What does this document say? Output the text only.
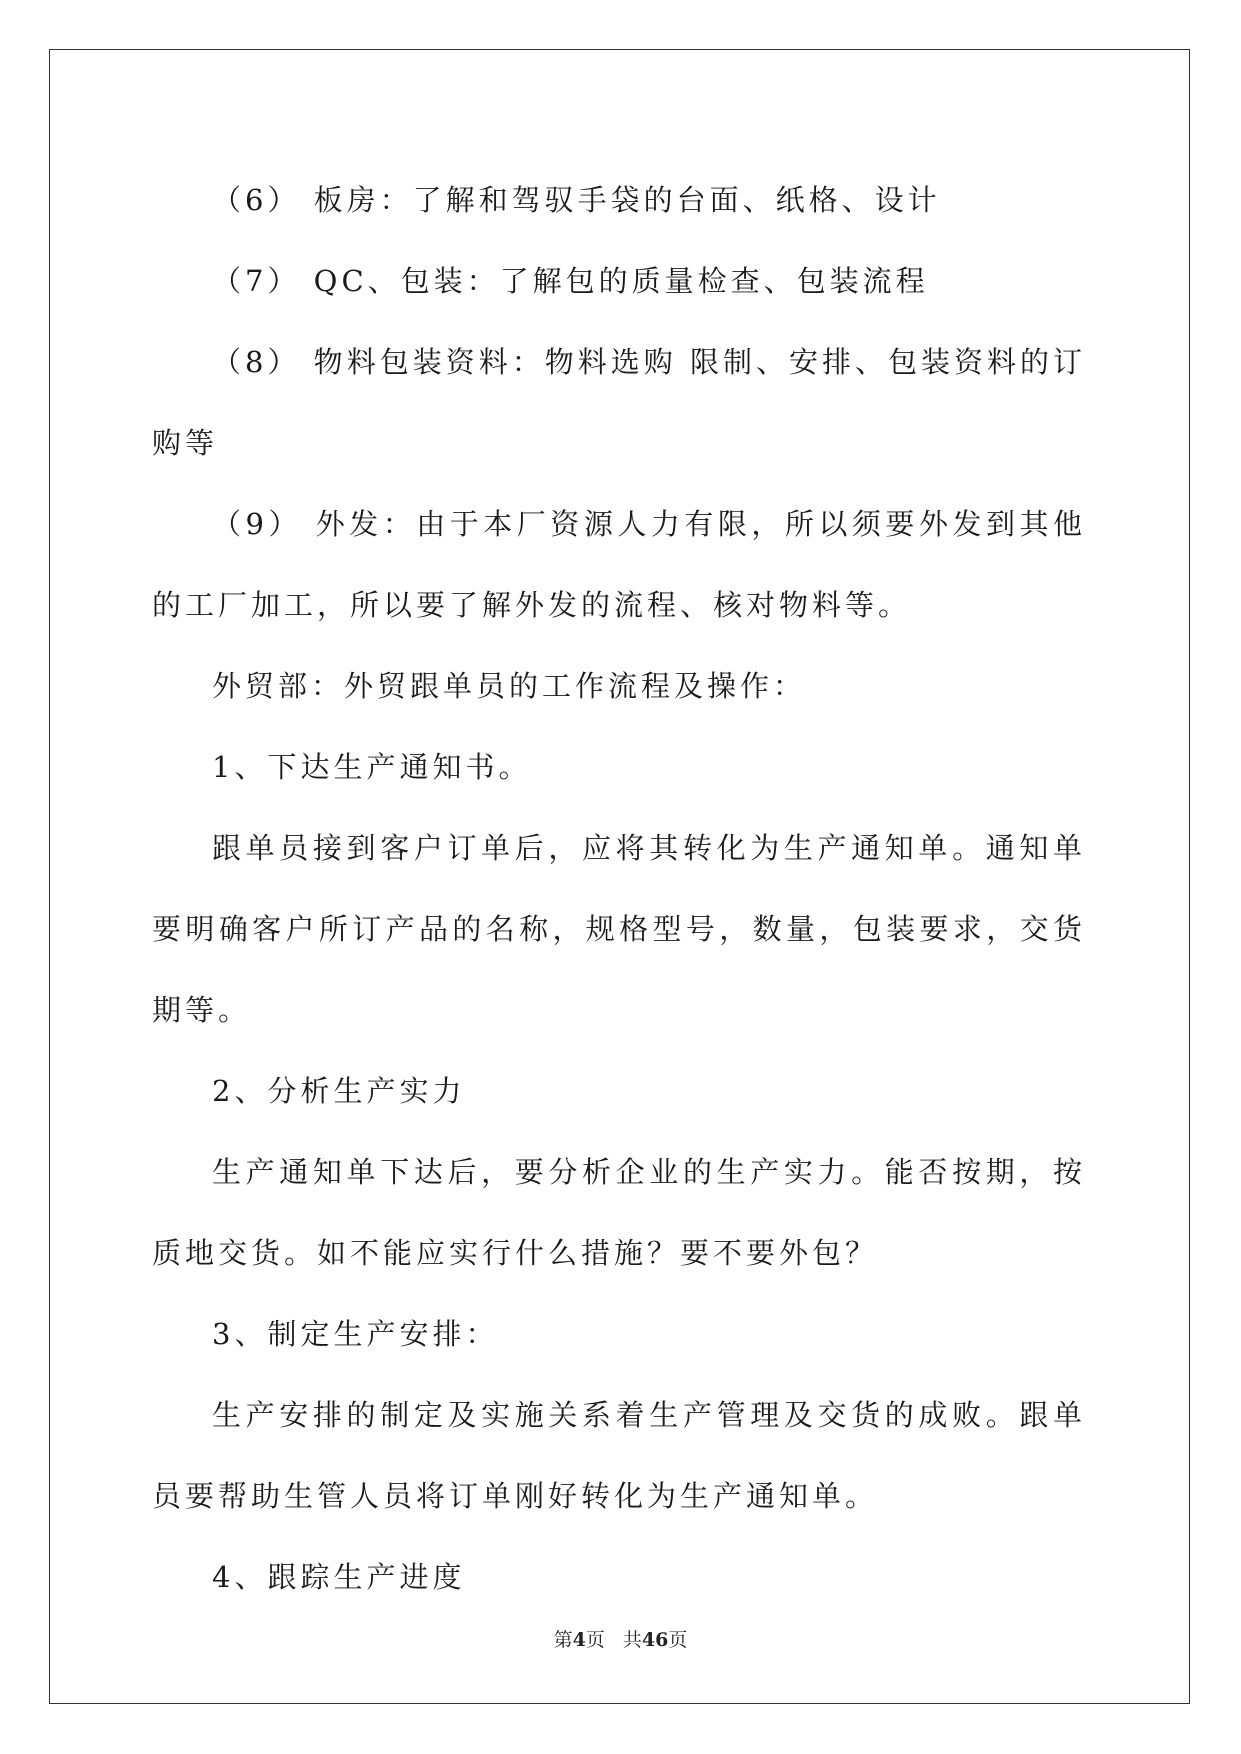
（6） 板房：了解和驾驭手袋的台面、纸格、设计

（7） QC、包装：了解包的质量检查、包装流程

（8） 物料包装资料：物料选购 限制、安排、包装资料的订购等

（9） 外发：由于本厂资源人力有限，所以须要外发到其他的工厂加工，所以要了解外发的流程、核对物料等。

外贸部：外贸跟单员的工作流程及操作：

1、下达生产通知书。

跟单员接到客户订单后，应将其转化为生产通知单。通知单要明确客户所订产品的名称，规格型号，数量，包装要求，交货期等。

2、分析生产实力

生产通知单下达后，要分析企业的生产实力。能否按期，按质地交货。如不能应实行什么措施？要不要外包？

3、制定生产安排：

生产安排的制定及实施关系着生产管理及交货的成败。跟单员要帮助生管人员将订单刚好转化为生产通知单。

4、跟踪生产进度

第4页 共46页
